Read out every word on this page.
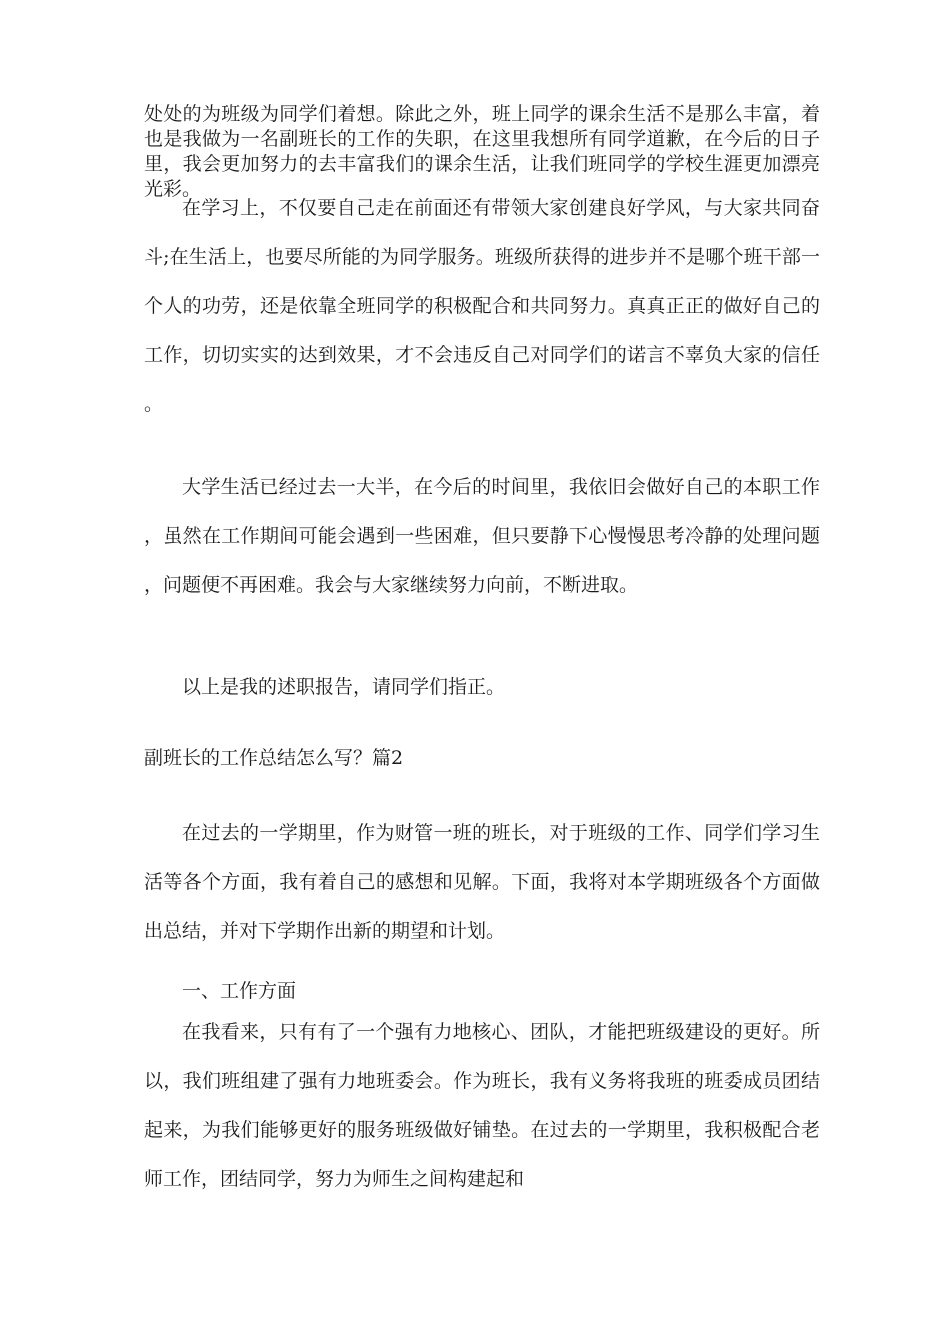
处处的为班级为同学们着想。除此之外，班上同学的课余生活不是那么丰富，着也是我做为一名副班长的工作的失职，在这里我想所有同学道歉，在今后的日子里，我会更加努力的去丰富我们的课余生活，让我们班同学的学校生涯更加漂亮光彩。

在学习上，不仅要自己走在前面还有带领大家创建良好学风，与大家共同奋斗;在生活上，也要尽所能的为同学服务。班级所获得的进步并不是哪个班干部一个人的功劳，还是依靠全班同学的积极配合和共同努力。真真正正的做好自己的工作，切切实实的达到效果，才不会违反自己对同学们的诺言不辜负大家的信任。

大学生活已经过去一大半，在今后的时间里，我依旧会做好自己的本职工作，虽然在工作期间可能会遇到一些困难，但只要静下心慢慢思考冷静的处理问题，问题便不再困难。我会与大家继续努力向前，不断进取。

以上是我的述职报告，请同学们指正。

副班长的工作总结怎么写？篇2

在过去的一学期里，作为财管一班的班长，对于班级的工作、同学们学习生活等各个方面，我有着自己的感想和见解。下面，我将对本学期班级各个方面做出总结，并对下学期作出新的期望和计划。

一、工作方面

在我看来，只有有了一个强有力地核心、团队，才能把班级建设的更好。所以，我们班组建了强有力地班委会。作为班长，我有义务将我班的班委成员团结起来，为我们能够更好的服务班级做好铺垫。在过去的一学期里，我积极配合老师工作，团结同学，努力为师生之间构建起和
